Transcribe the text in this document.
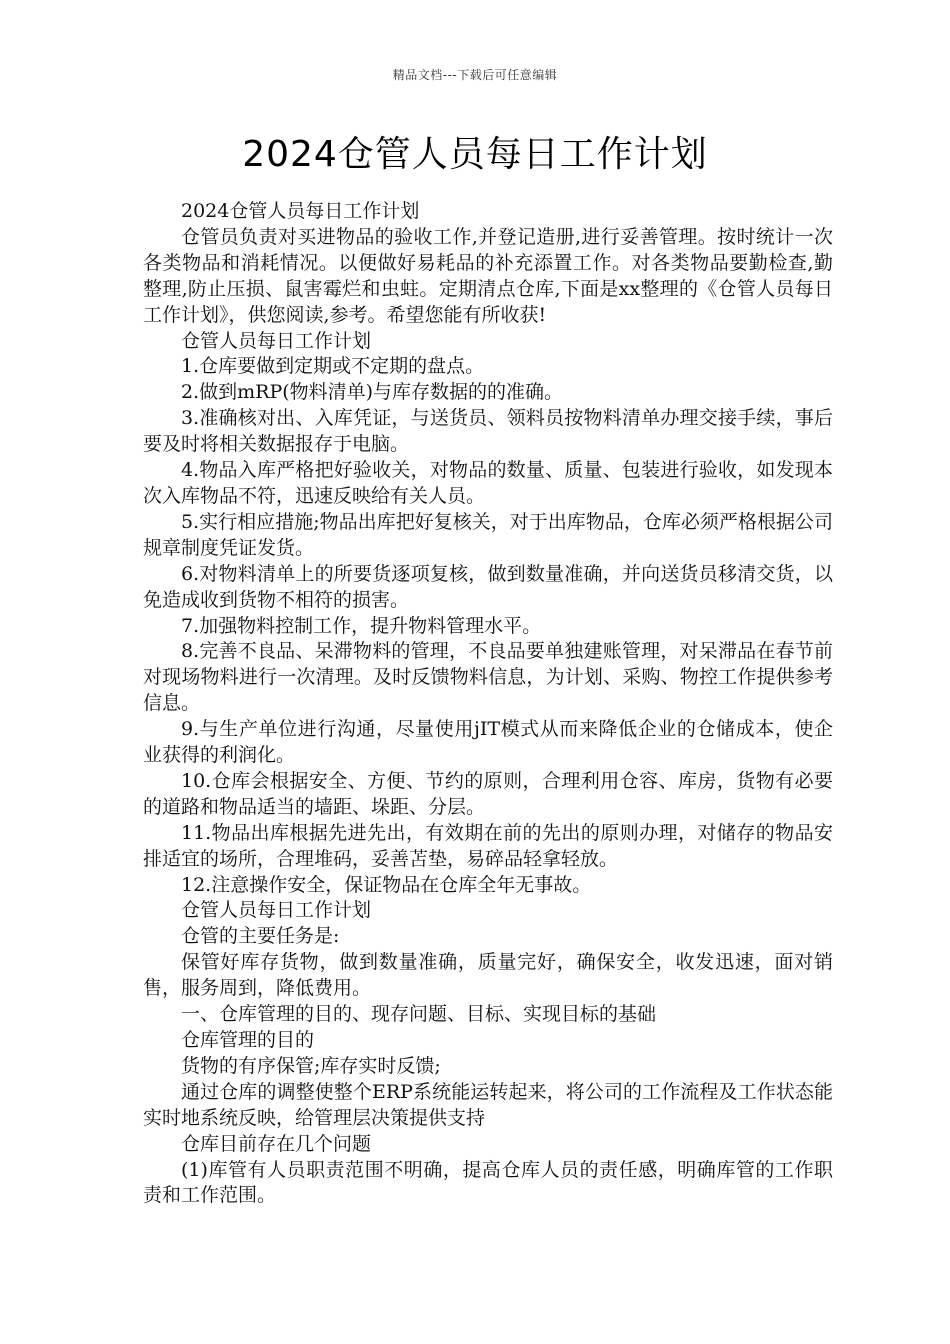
精品文档---下载后可任意编辑
2024仓管人员每日工作计划

2024仓管人员每日工作计划

仓管员负责对买进物品的验收工作,并登记造册,进行妥善管理。按时统计一次各类物品和消耗情况。以便做好易耗品的补充添置工作。对各类物品要勤检查,勤整理,防止压损、鼠害霉烂和虫蛀。定期清点仓库,下面是xx整理的《仓管人员每日工作计划》，供您阅读,参考。希望您能有所收获!

仓管人员每日工作计划

1.仓库要做到定期或不定期的盘点。

2.做到mRP(物料清单)与库存数据的的准确。

3.准确核对出、入库凭证，与送货员、领料员按物料清单办理交接手续，事后要及时将相关数据报存于电脑。

4.物品入库严格把好验收关，对物品的数量、质量、包装进行验收，如发现本次入库物品不符，迅速反映给有关人员。

5.实行相应措施;物品出库把好复核关，对于出库物品，仓库必须严格根据公司规章制度凭证发货。

6.对物料清单上的所要货逐项复核，做到数量准确，并向送货员移清交货，以免造成收到货物不相符的损害。

7.加强物料控制工作，提升物料管理水平。

8.完善不良品、呆滞物料的管理，不良品要单独建账管理，对呆滞品在春节前对现场物料进行一次清理。及时反馈物料信息，为计划、采购、物控工作提供参考信息。

9.与生产单位进行沟通，尽量使用jIT模式从而来降低企业的仓储成本，使企业获得的利润化。

10.仓库会根据安全、方便、节约的原则，合理利用仓容、库房，货物有必要的道路和物品适当的墙距、垛距、分层。

11.物品出库根据先进先出，有效期在前的先出的原则办理，对储存的物品安排适宜的场所，合理堆码，妥善苫垫，易碎品轻拿轻放。

12.注意操作安全，保证物品在仓库全年无事故。

仓管人员每日工作计划

仓管的主要任务是:

保管好库存货物，做到数量准确，质量完好，确保安全，收发迅速，面对销售，服务周到，降低费用。

一、仓库管理的目的、现存问题、目标、实现目标的基础

仓库管理的目的

货物的有序保管;库存实时反馈;

通过仓库的调整使整个ERP系统能运转起来，将公司的工作流程及工作状态能实时地系统反映，给管理层决策提供支持

仓库目前存在几个问题

(1)库管有人员职责范围不明确，提高仓库人员的责任感，明确库管的工作职责和工作范围。
